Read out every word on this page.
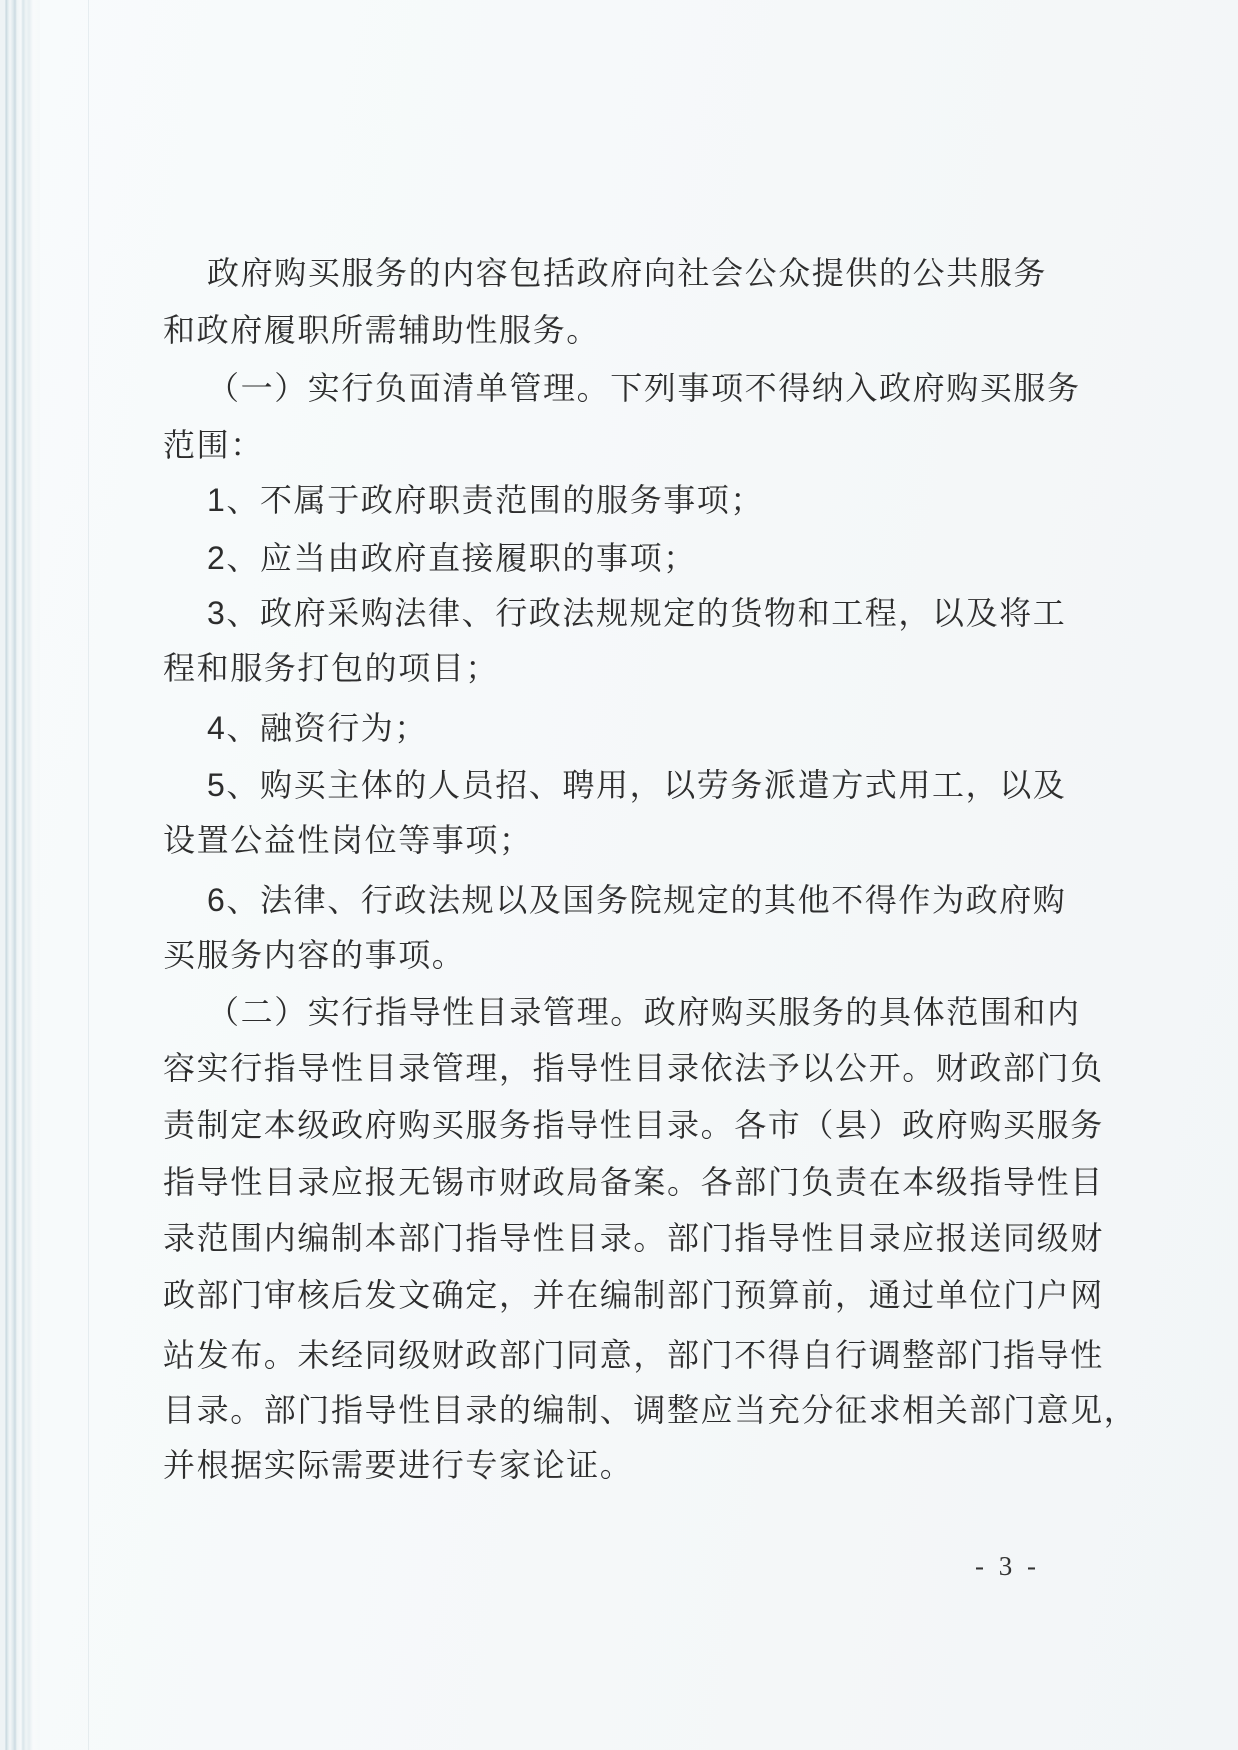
政府购买服务的内容包括政府向社会公众提供的公共服务
和政府履职所需辅助性服务。
（一）实行负面清单管理。下列事项不得纳入政府购买服务
范围：
1、不属于政府职责范围的服务事项；
2、应当由政府直接履职的事项；
3、政府采购法律、行政法规规定的货物和工程，以及将工
程和服务打包的项目；
4、融资行为；
5、购买主体的人员招、聘用，以劳务派遣方式用工，以及
设置公益性岗位等事项；
6、法律、行政法规以及国务院规定的其他不得作为政府购
买服务内容的事项。
（二）实行指导性目录管理。政府购买服务的具体范围和内
容实行指导性目录管理，指导性目录依法予以公开。财政部门负
责制定本级政府购买服务指导性目录。各市（县）政府购买服务
指导性目录应报无锡市财政局备案。各部门负责在本级指导性目
录范围内编制本部门指导性目录。部门指导性目录应报送同级财
政部门审核后发文确定，并在编制部门预算前，通过单位门户网
站发布。未经同级财政部门同意，部门不得自行调整部门指导性
目录。部门指导性目录的编制、调整应当充分征求相关部门意见，
并根据实际需要进行专家论证。
- 3 -
